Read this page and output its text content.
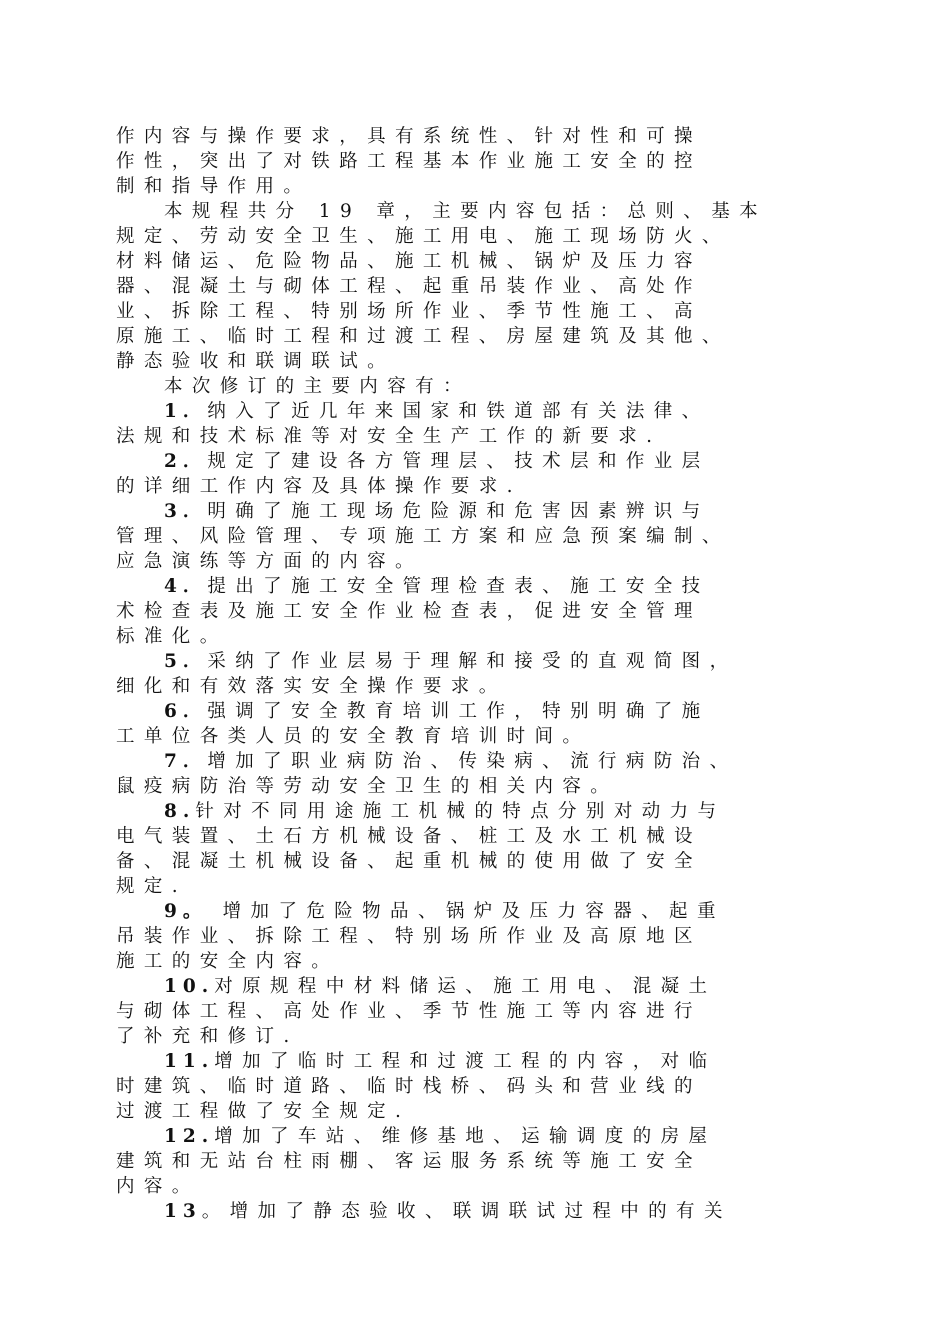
作内容与操作要求，具有系统性、针对性和可操
作性，突出了对铁路工程基本作业施工安全的控
制和指导作用。
本规程共分 19 章，主要内容包括：总则、基本
规定、劳动安全卫生、施工用电、施工现场防火、
材料储运、危险物品、施工机械、锅炉及压力容
器、混凝土与砌体工程、起重吊装作业、高处作
业、拆除工程、特别场所作业、季节性施工、高
原施工、临时工程和过渡工程、房屋建筑及其他、
静态验收和联调联试。
本次修订的主要内容有：
1．纳入了近几年来国家和铁道部有关法律、
法规和技术标准等对安全生产工作的新要求.
2．规定了建设各方管理层、技术层和作业层
的详细工作内容及具体操作要求.
3．明确了施工现场危险源和危害因素辨识与
管理、风险管理、专项施工方案和应急预案编制、
应急演练等方面的内容。
4．提出了施工安全管理检查表、施工安全技
术检查表及施工安全作业检查表，促进安全管理
标准化。
5．采纳了作业层易于理解和接受的直观简图，
细化和有效落实安全操作要求。
6．强调了安全教育培训工作，特别明确了施
工单位各类人员的安全教育培训时间。
7．增加了职业病防治、传染病、流行病防治、
鼠疫病防治等劳动安全卫生的相关内容。
8.针对不同用途施工机械的特点分别对动力与
电气装置、土石方机械设备、桩工及水工机械设
备、混凝土机械设备、起重机械的使用做了安全
规定.
9。 增加了危险物品、锅炉及压力容器、起重
吊装作业、拆除工程、特别场所作业及高原地区
施工的安全内容。
10.对原规程中材料储运、施工用电、混凝土
与砌体工程、高处作业、季节性施工等内容进行
了补充和修订.
11.增加了临时工程和过渡工程的内容，对临
时建筑、临时道路、临时栈桥、码头和营业线的
过渡工程做了安全规定.
12.增加了车站、维修基地、运输调度的房屋
建筑和无站台柱雨棚、客运服务系统等施工安全
内容。
13。增加了静态验收、联调联试过程中的有关
